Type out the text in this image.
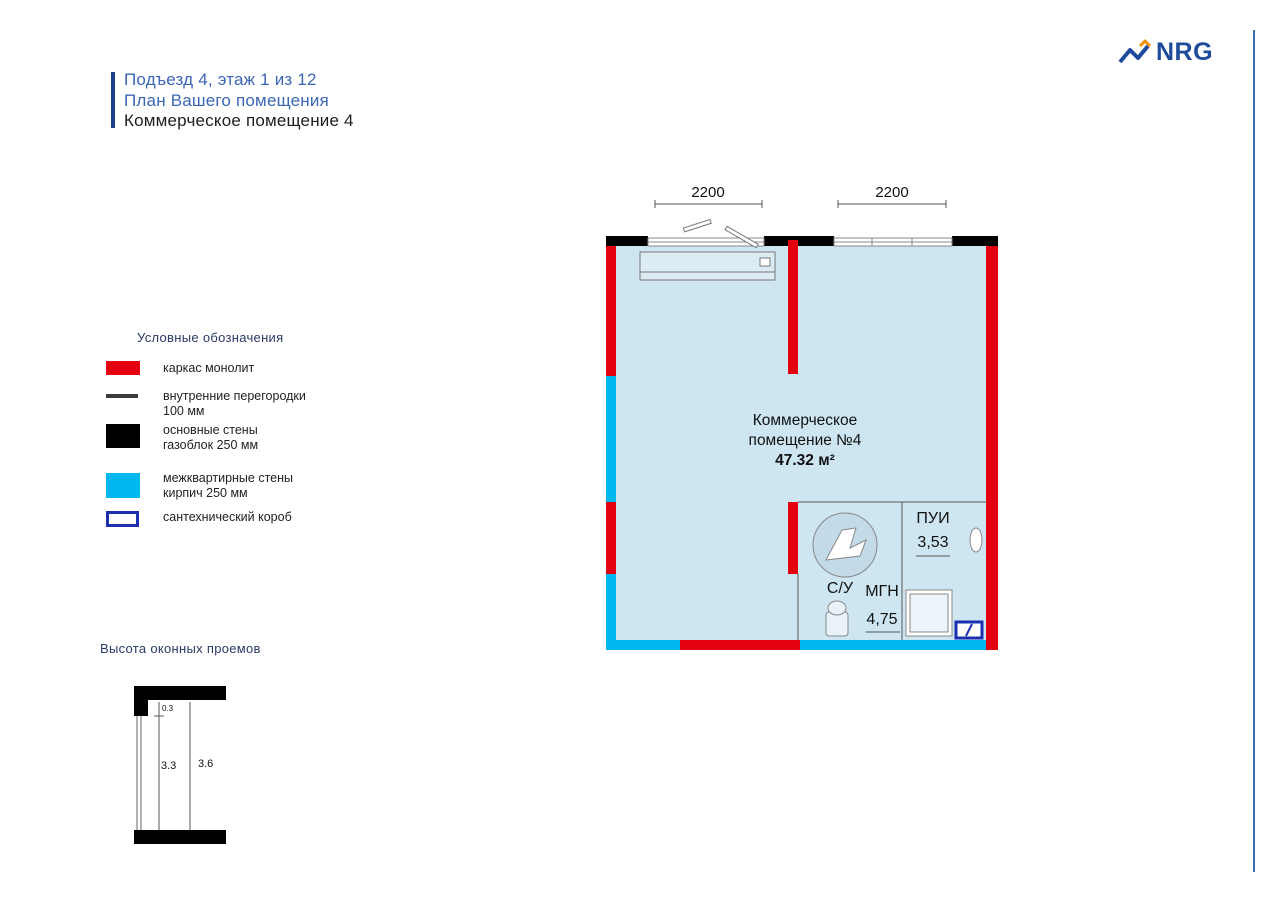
Подъезд 4, этаж 1 из 12
План Вашего помещения
Коммерческое помещение 4
NRG
Условные обозначения
каркас монолит
внутренние перегородки
100 мм
основные стены
газоблок 250 мм
межквартирные стены
кирпич 250 мм
сантехнический короб
Высота оконных проемов
0.3
3.3 3.6
2200	2200
Коммерческое
помещение №4
47.32 м²
ПУИ
3,53
С/У МГН
4,75
